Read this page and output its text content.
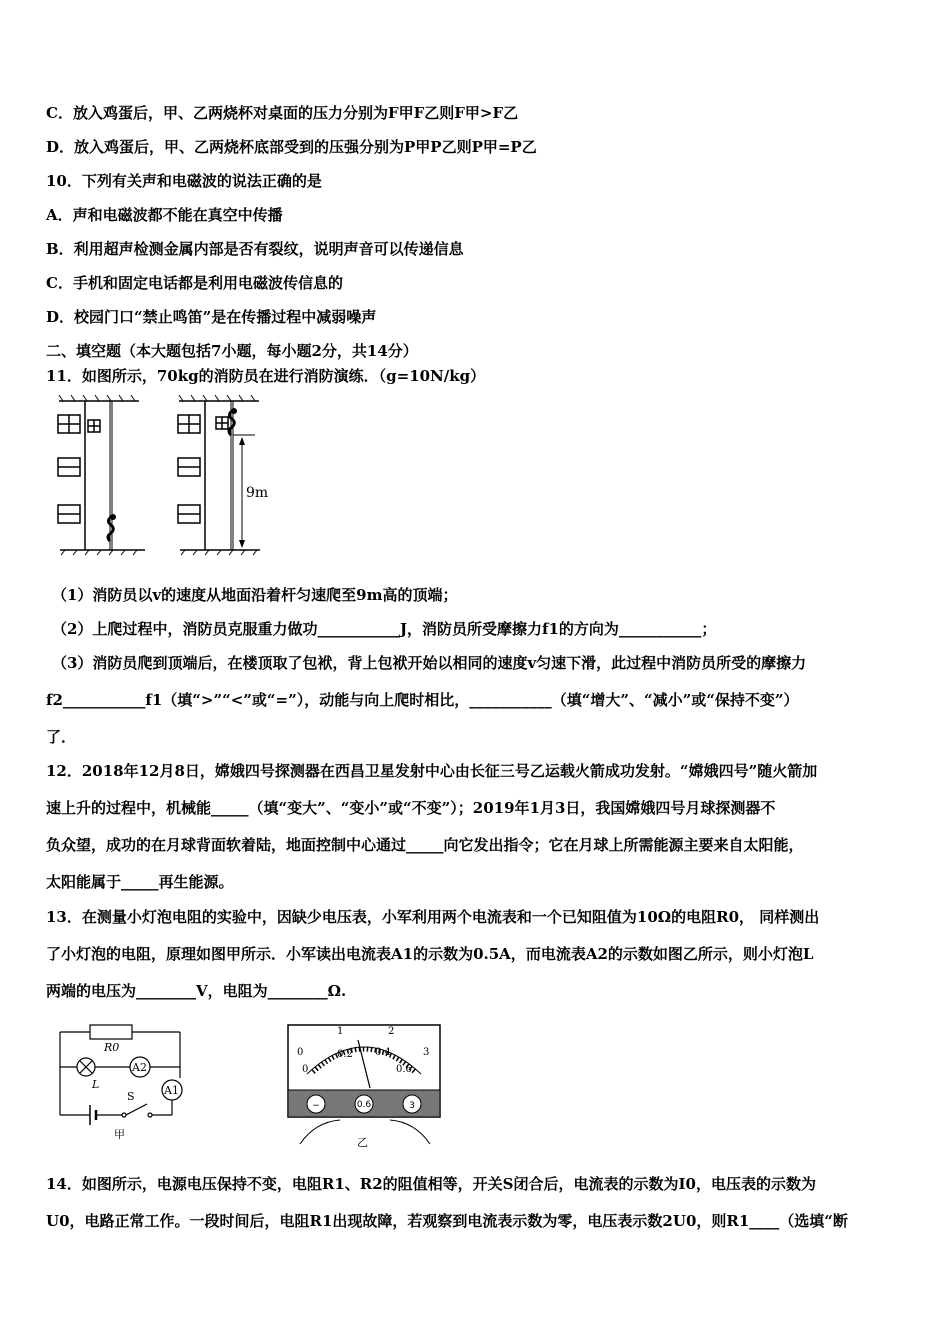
C．放入鸡蛋后，甲、乙两烧杯对桌面的压力分别为F甲F乙则F甲>F乙
D．放入鸡蛋后，甲、乙两烧杯底部受到的压强分别为P甲P乙则P甲=P乙
10．下列有关声和电磁波的说法正确的是
A．声和电磁波都不能在真空中传播
B．利用超声检测金属内部是否有裂纹，说明声音可以传递信息
C．手机和固定电话都是利用电磁波传信息的
D．校园门口“禁止鸣笛”是在传播过程中减弱噪声
二、填空题（本大题包括7小题，每小题2分，共14分）
11．如图所示，70kg的消防员在进行消防演练．（g=10N/kg）
9m
（1）消防员以v的速度从地面沿着杆匀速爬至9m高的顶端；
（2）上爬过程中，消防员克服重力做功___________J，消防员所受摩擦力f1的方向为___________；
（3）消防员爬到顶端后，在楼顶取了包袱，背上包袱开始以相同的速度v匀速下滑，此过程中消防员所受的摩擦力
f2___________f1（填“>”“<”或“=”），动能与向上爬时相比，___________（填“增大”、“减小”或“保持不变”）
了．
12．2018年12月8日，嫦娥四号探测器在西昌卫星发射中心由长征三号乙运载火箭成功发射。“嫦娥四号”随火箭加
速上升的过程中，机械能_____（填“变大”、“变小”或“不变”）；2019年1月3日，我国嫦娥四号月球探测器不
负众望，成功的在月球背面软着陆，地面控制中心通过_____向它发出指令；它在月球上所需能源主要来自太阳能，
太阳能属于_____再生能源。
13．在测量小灯泡电阻的实验中，因缺少电压表，小军利用两个电流表和一个已知阻值为10Ω的电阻R0， 同样测出
了小灯泡的电阻，原理如图甲所示．小军读出电流表A1的示数为0.5A，而电流表A2的示数如图乙所示，则小灯泡L
两端的电压为________V，电阻为________Ω.
R0
A2
A1
L
S
甲
0
1	2
3
0
0.2 0.4
0.6
−	0.6	3
乙
14．如图所示，电源电压保持不变，电阻R1、R2的阻值相等，开关S闭合后，电流表的示数为I0，电压表的示数为
U0，电路正常工作。一段时间后，电阻R1出现故障，若观察到电流表示数为零，电压表示数2U0，则R1____（选填“断
